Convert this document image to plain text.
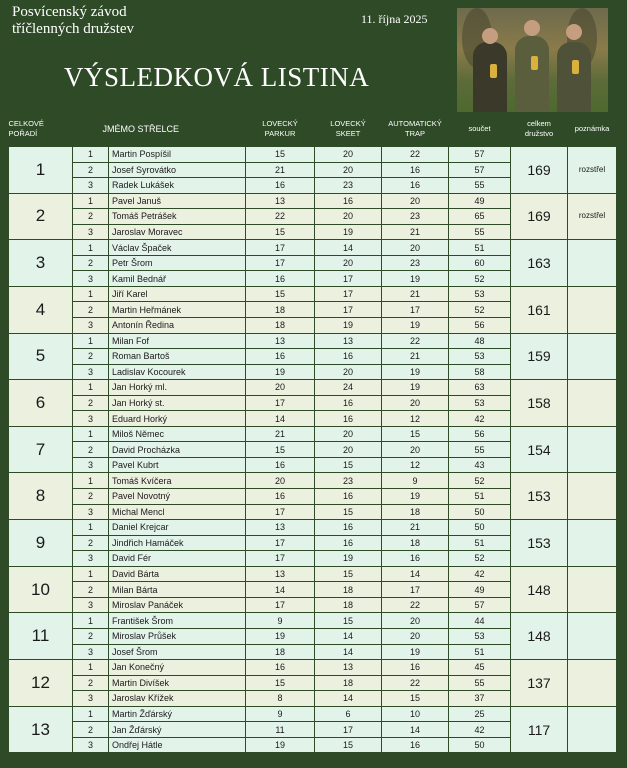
Posvícenský závod
tříčlenných družstev
11. října 2025
VÝSLEDKOVÁ LISTINA
CELKOVÉ POŘADÍ	JMÉMO STŘELCE		LOVECKÝ PARKUR	LOVECKÝ SKEET	AUTOMATICKÝ TRAP	součet	celkem družstvo	poznámka
1	1	Martin Pospíšil	15	20	22	57	169	rozstřel
	2	Josef Syrovátko	21	20	16	57		
	3	Radek Lukášek	16	23	16	55		
2	1	Pavel Januš	13	16	20	49	169	rozstřel
	2	Tomáš Petrášek	22	20	23	65		
	3	Jaroslav Moravec	15	19	21	55		
3	1	Václav Špaček	17	14	20	51	163	
	2	Petr Šrom	17	20	23	60		
	3	Kamil Bednář	16	17	19	52		
4	1	Jiří Karel	15	17	21	53	161	
	2	Martin Heřmánek	18	17	17	52		
	3	Antonín Ředina	18	19	19	56		
5	1	Milan Fof	13	13	22	48	159	
	2	Roman Bartoš	16	16	21	53		
	3	Ladislav Kocourek	19	20	19	58		
6	1	Jan Horký ml.	20	24	19	63	158	
	2	Jan Horký st.	17	16	20	53		
	3	Eduard Horký	14	16	12	42		
7	1	Miloš Němec	21	20	15	56	154	
	2	David Procházka	15	20	20	55		
	3	Pavel Kubrt	16	15	12	43		
8	1	Tomáš Kvíčera	20	23	9	52	153	
	2	Pavel Novotný	16	16	19	51		
	3	Michal Mencl	17	15	18	50		
9	1	Daniel Krejcar	13	16	21	50	153	
	2	Jindřich Hamáček	17	16	18	51		
	3	David Fér	17	19	16	52		
10	1	David Bárta	13	15	14	42	148	
	2	Milan Bárta	14	18	17	49		
	3	Miroslav Panáček	17	18	22	57		
11	1	František Šrom	9	15	20	44	148	
	2	Miroslav Průšek	19	14	20	53		
	3	Josef Šrom	18	14	19	51		
12	1	Jan Konečný	16	13	16	45	137	
	2	Martin Divíšek	15	18	22	55		
	3	Jaroslav Křížek	8	14	15	37		
13	1	Martin Žďárský	9	6	10	25	117	
	2	Jan Žďárský	11	17	14	42		
	3	Ondřej Hátle	19	15	16	50		
